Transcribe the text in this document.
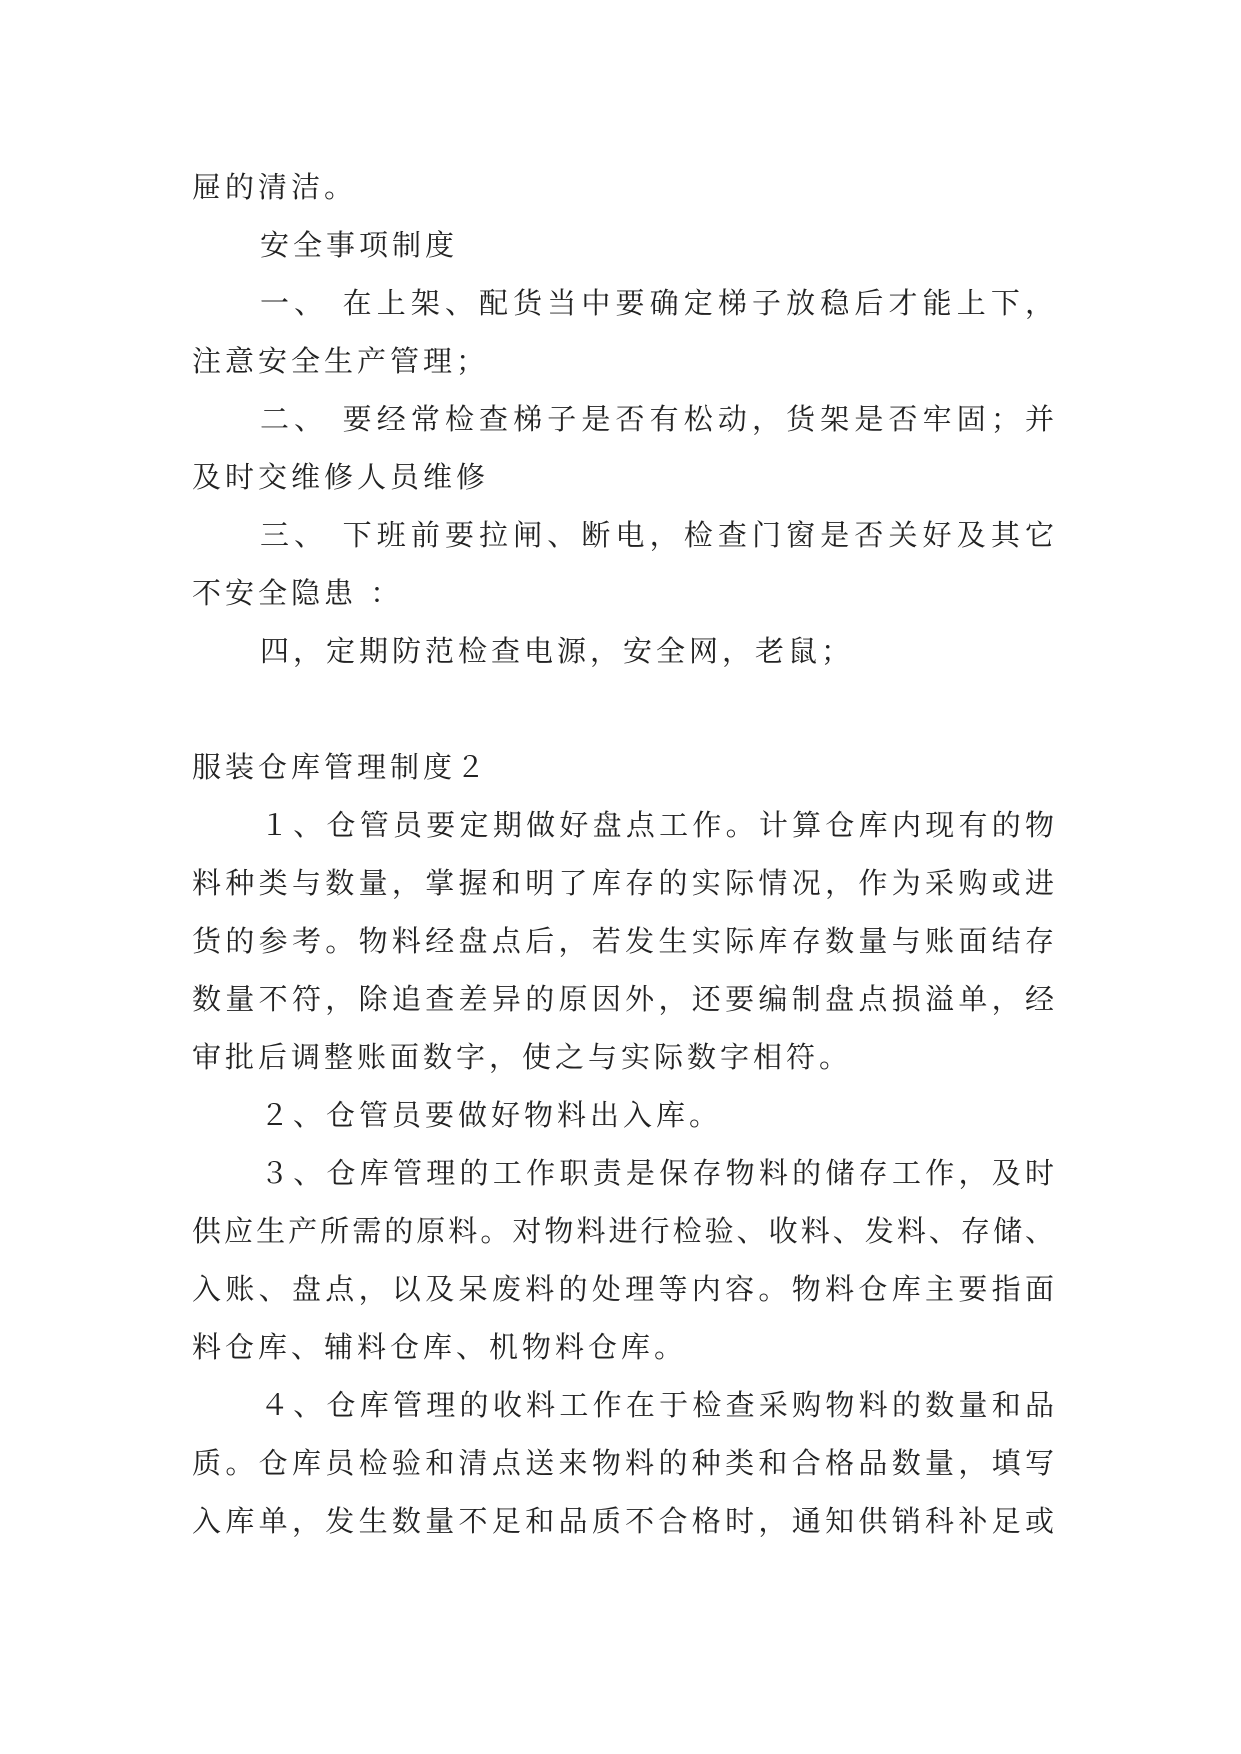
屉的清洁。
安全事项制度
一、 在上架、配货当中要确定梯子放稳后才能上下，
注意安全生产管理；
二、 要经常检查梯子是否有松动，货架是否牢固；并
及时交维修人员维修
三、 下班前要拉闸、断电，检查门窗是否关好及其它
不安全隐患 ：
四，定期防范检查电源，安全网，老鼠；
服装仓库管理制度２
１、仓管员要定期做好盘点工作。计算仓库内现有的物
料种类与数量，掌握和明了库存的实际情况，作为采购或进
货的参考。物料经盘点后，若发生实际库存数量与账面结存
数量不符，除追查差异的原因外，还要编制盘点损溢单，经
审批后调整账面数字，使之与实际数字相符。
２、仓管员要做好物料出入库。
３、仓库管理的工作职责是保存物料的储存工作，及时
供应生产所需的原料。对物料进行检验、收料、发料、存储、
入账、盘点，以及呆废料的处理等内容。物料仓库主要指面
料仓库、辅料仓库、机物料仓库。
４、仓库管理的收料工作在于检查采购物料的数量和品
质。仓库员检验和清点送来物料的种类和合格品数量，填写
入库单，发生数量不足和品质不合格时，通知供销科补足或
